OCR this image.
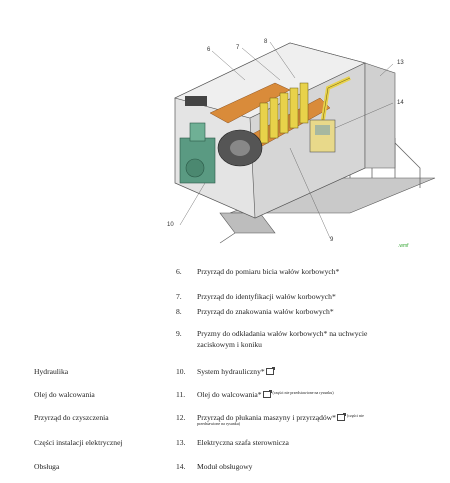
6	7
8
13
14
10
9
.wmf
6. Przyrząd do pomiaru bicia wałów korbowych*
7. Przyrząd do identyfikacji wałów korbowych*
8. Przyrząd do znakowania wałów korbowych*
9. Pryzmy do odkładania wałów korbowych* na uchwycie
zaciskowym i koniku
Hydraulika	10. System hydrauliczny*
Olej do walcowania	11. Olej do walcowania*	$^{(części nie przedstawione na rysunku)}$
Przyrząd do czyszczenia	12. Przyrząd do płukania maszyny i przyrządów*	$^{(części nie}$
przedstawione na rysunku)
Części instalacji elektrycznej	13. Elektryczna szafa sterownicza
Obsługa	14. Moduł obsługowy
